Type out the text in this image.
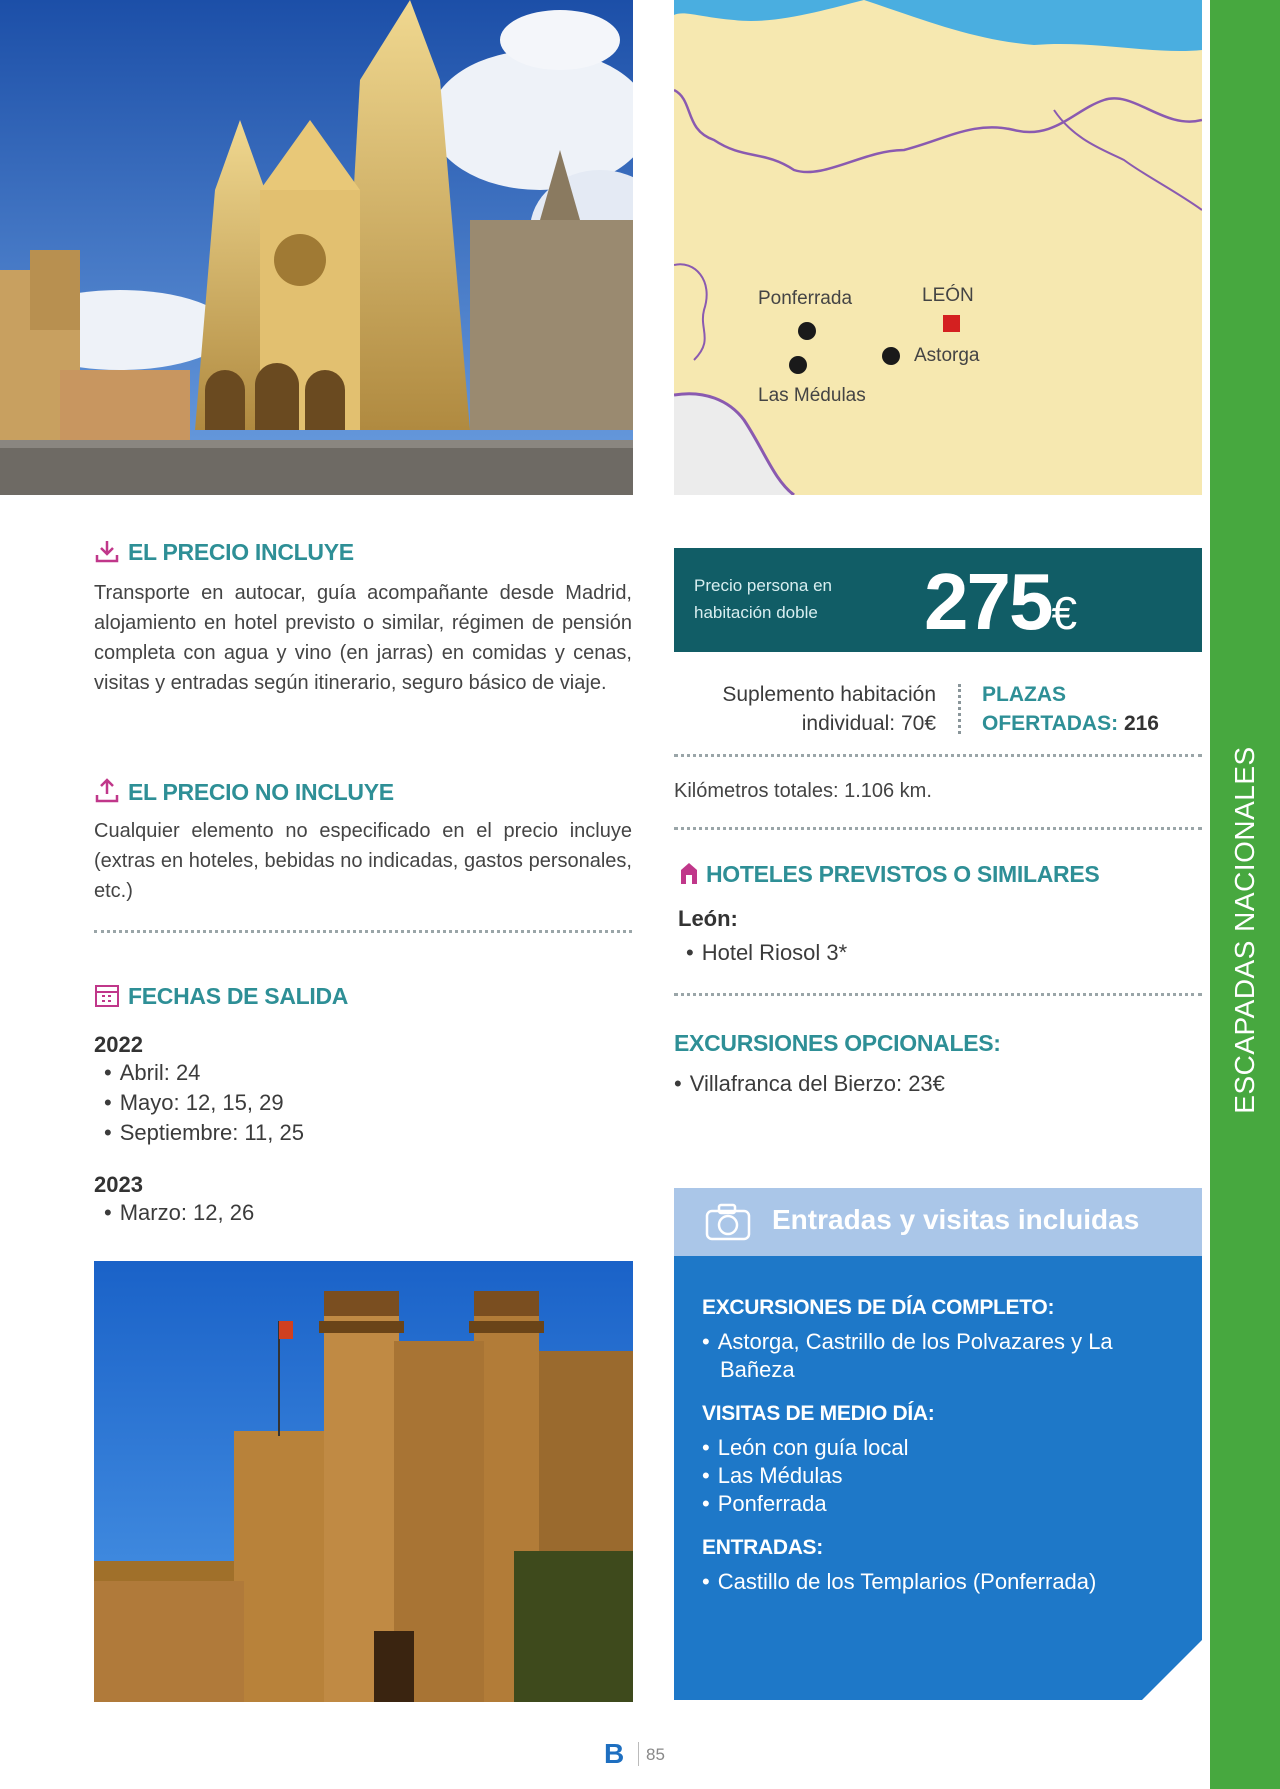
Ponferrada	LEÓN
Astorga
Las Médulas
ESCAPADAS NACIONALES
EL PRECIO INCLUYE
Transporte en autocar, guía acompañante desde Madrid, alojamiento en hotel previsto o similar, régimen de pensión completa con agua y vino (en jarras) en comidas y cenas, visitas y entradas según itinerario, seguro básico de viaje.
EL PRECIO NO INCLUYE
Cualquier elemento no especificado en el precio incluye (extras en hoteles, bebidas no indicadas, gastos personales, etc.)
FECHAS DE SALIDA
2022
• Abril: 24
• Mayo: 12, 15, 29
• Septiembre: 11, 25
2023
• Marzo: 12, 26
Precio persona en
habitación doble	275€
Suplemento habitación
individual: 70€
PLAZAS
OFERTADAS: 216
Kilómetros totales: 1.106 km.
HOTELES PREVISTOS O SIMILARES
León:
• Hotel Riosol 3*
EXCURSIONES OPCIONALES:
• Villafranca del Bierzo: 23€
Entradas y visitas incluidas
EXCURSIONES DE DÍA COMPLETO:
• Astorga, Castrillo de los Polvazares y La Bañeza
VISITAS DE MEDIO DÍA:
• León con guía local
• Las Médulas
• Ponferrada
ENTRADAS:
• Castillo de los Templarios (Ponferrada)
B 85
